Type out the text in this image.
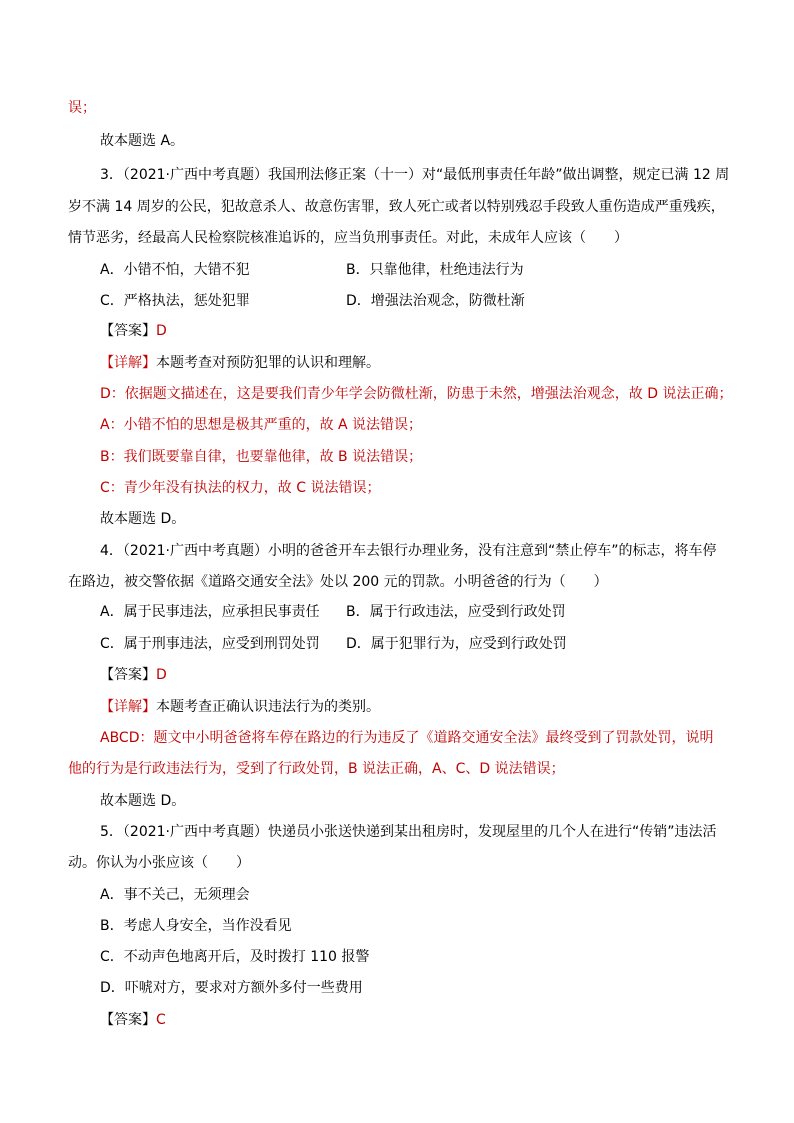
误；
故本题选 A。
3．（2021·广西中考真题）我国刑法修正案（十一）对“最低刑事责任年龄”做出调整，规定已满 12 周
岁不满 14 周岁的公民，犯故意杀人、故意伤害罪，致人死亡或者以特别残忍手段致人重伤造成严重残疾，
情节恶劣，经最高人民检察院核准追诉的，应当负刑事责任。对此，未成年人应该（　　）
A．小错不怕，大错不犯	B．只靠他律，杜绝违法行为
C．严格执法，惩处犯罪	D．增强法治观念，防微杜渐
【答案】D
【详解】本题考查对预防犯罪的认识和理解。
D：依据题文描述在，这是要我们青少年学会防微杜渐，防患于未然，增强法治观念，故 D 说法正确；
A：小错不怕的思想是极其严重的，故 A 说法错误；
B：我们既要靠自律，也要靠他律，故 B 说法错误；
C：青少年没有执法的权力，故 C 说法错误；
故本题选 D。
4．（2021·广西中考真题）小明的爸爸开车去银行办理业务，没有注意到“禁止停车”的标志，将车停
在路边，被交警依据《道路交通安全法》处以 200 元的罚款。小明爸爸的行为（　　）
A．属于民事违法，应承担民事责任 B．属于行政违法，应受到行政处罚
C．属于刑事违法，应受到刑罚处罚 D．属于犯罪行为，应受到行政处罚
【答案】D
【详解】本题考查正确认识违法行为的类别。
ABCD：题文中小明爸爸将车停在路边的行为违反了《道路交通安全法》最终受到了罚款处罚，说明
他的行为是行政违法行为，受到了行政处罚，B 说法正确，A、C、D 说法错误；
故本题选 D。
5．（2021·广西中考真题）快递员小张送快递到某出租房时，发现屋里的几个人在进行“传销”违法活
动。你认为小张应该（　　）
A．事不关己，无须理会
B．考虑人身安全，当作没看见
C．不动声色地离开后，及时拨打 110 报警
D．吓唬对方，要求对方额外多付一些费用
【答案】C
